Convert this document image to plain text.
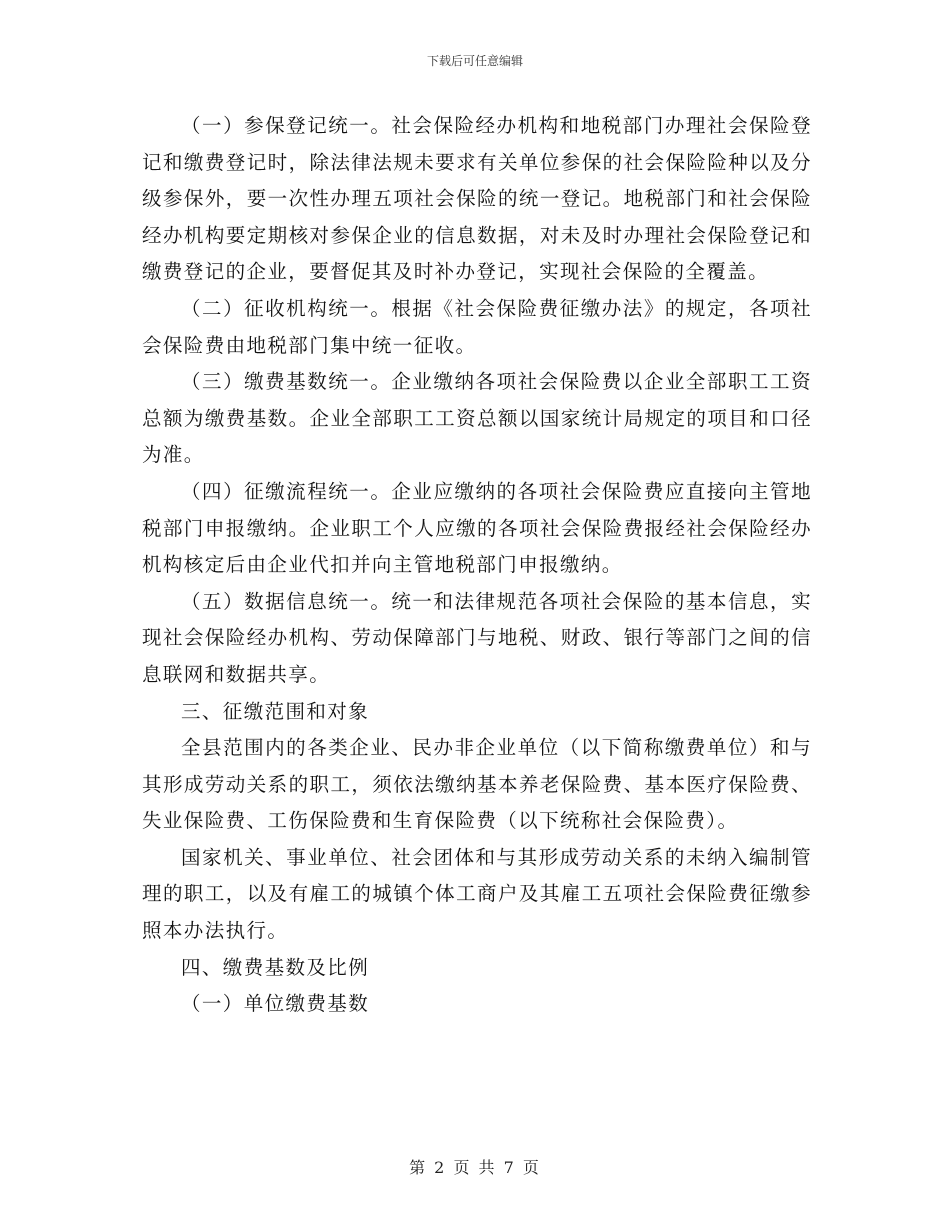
下载后可任意编辑

（一）参保登记统一。社会保险经办机构和地税部门办理社会保险登记和缴费登记时，除法律法规未要求有关单位参保的社会保险险种以及分级参保外，要一次性办理五项社会保险的统一登记。地税部门和社会保险经办机构要定期核对参保企业的信息数据，对未及时办理社会保险登记和缴费登记的企业，要督促其及时补办登记，实现社会保险的全覆盖。

（二）征收机构统一。根据《社会保险费征缴办法》的规定，各项社会保险费由地税部门集中统一征收。

（三）缴费基数统一。企业缴纳各项社会保险费以企业全部职工工资总额为缴费基数。企业全部职工工资总额以国家统计局规定的项目和口径为准。

（四）征缴流程统一。企业应缴纳的各项社会保险费应直接向主管地税部门申报缴纳。企业职工个人应缴的各项社会保险费报经社会保险经办机构核定后由企业代扣并向主管地税部门申报缴纳。

（五）数据信息统一。统一和法律规范各项社会保险的基本信息，实现社会保险经办机构、劳动保障部门与地税、财政、银行等部门之间的信息联网和数据共享。

三、征缴范围和对象

全县范围内的各类企业、民办非企业单位（以下简称缴费单位）和与其形成劳动关系的职工，须依法缴纳基本养老保险费、基本医疗保险费、失业保险费、工伤保险费和生育保险费（以下统称社会保险费）。

国家机关、事业单位、社会团体和与其形成劳动关系的未纳入编制管理的职工，以及有雇工的城镇个体工商户及其雇工五项社会保险费征缴参照本办法执行。

四、缴费基数及比例

（一）单位缴费基数

第 2 页 共 7 页
